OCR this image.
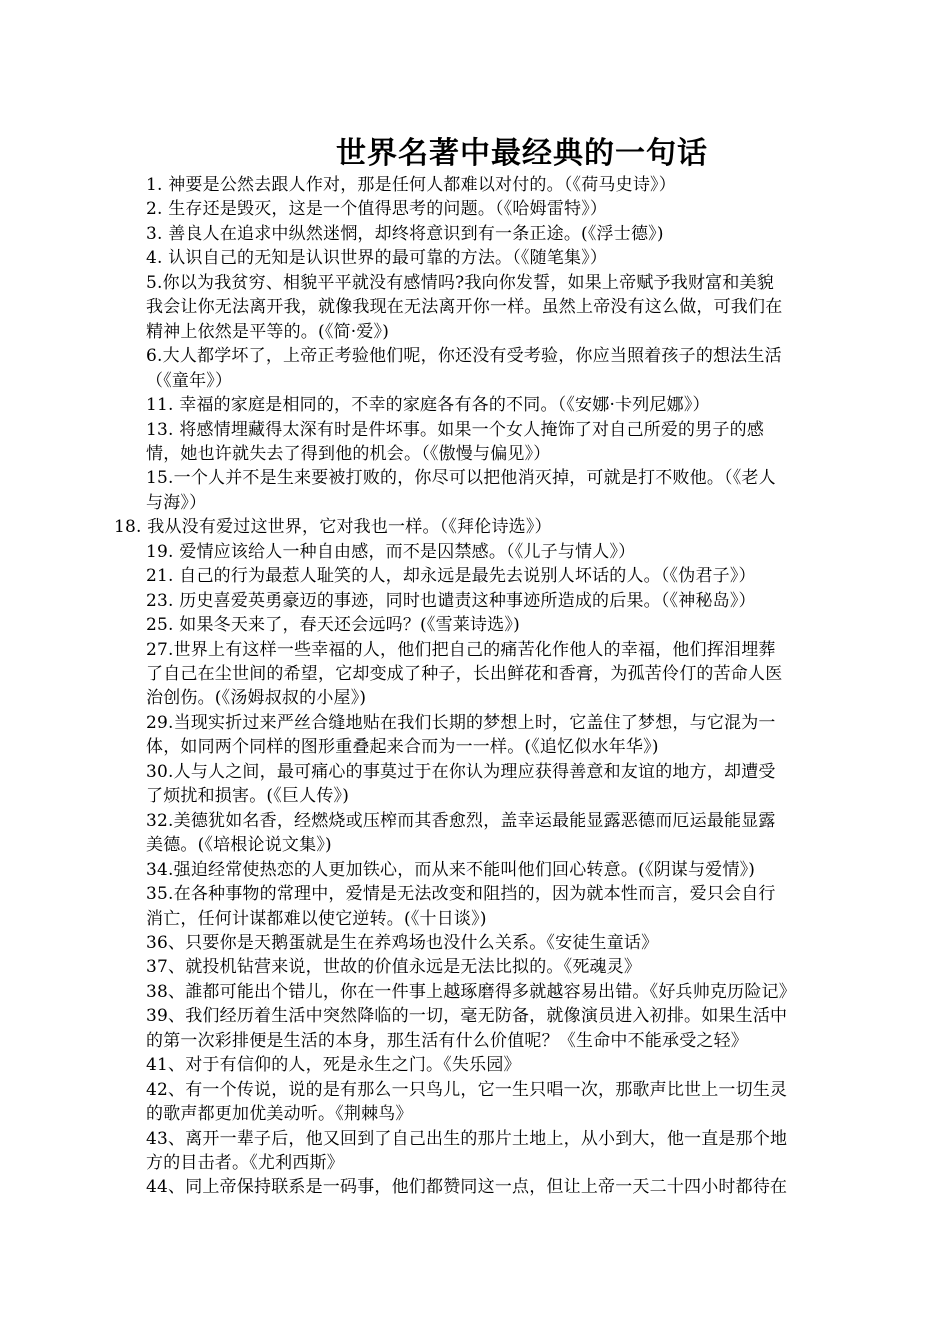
世界名著中最经典的一句话
1. 神要是公然去跟人作对，那是任何人都难以对付的。（《荷马史诗》）
2. 生存还是毁灭，这是一个值得思考的问题。（《哈姆雷特》）
3. 善良人在追求中纵然迷惘，却终将意识到有一条正途。(《浮士德》)
4. 认识自己的无知是认识世界的最可靠的方法。（《随笔集》）
5.你以为我贫穷、相貌平平就没有感情吗?我向你发誓，如果上帝赋予我财富和美貌
我会让你无法离开我，就像我现在无法离开你一样。虽然上帝没有这么做，可我们在
精神上依然是平等的。(《简·爱》)
6.大人都学坏了，上帝正考验他们呢，你还没有受考验，你应当照着孩子的想法生活
（《童年》）
11. 幸福的家庭是相同的，不幸的家庭各有各的不同。（《安娜·卡列尼娜》）
13. 将感情埋藏得太深有时是件坏事。如果一个女人掩饰了对自己所爱的男子的感
情，她也许就失去了得到他的机会。（《傲慢与偏见》）
15.一个人并不是生来要被打败的，你尽可以把他消灭掉，可就是打不败他。（《老人
与海》）
18. 我从没有爱过这世界，它对我也一样。（《拜伦诗选》）
19. 爱情应该给人一种自由感，而不是囚禁感。（《儿子与情人》）
21. 自己的行为最惹人耻笑的人，却永远是最先去说别人坏话的人。（《伪君子》）
23. 历史喜爱英勇豪迈的事迹，同时也谴责这种事迹所造成的后果。（《神秘岛》）
25. 如果冬天来了，春天还会远吗？(《雪莱诗选》)
27.世界上有这样一些幸福的人，他们把自己的痛苦化作他人的幸福，他们挥泪埋葬
了自己在尘世间的希望，它却变成了种子，长出鲜花和香膏，为孤苦伶仃的苦命人医
治创伤。(《汤姆叔叔的小屋》)
29.当现实折过来严丝合缝地贴在我们长期的梦想上时，它盖住了梦想，与它混为一
体，如同两个同样的图形重叠起来合而为一一样。(《追忆似水年华》)
30.人与人之间，最可痛心的事莫过于在你认为理应获得善意和友谊的地方，却遭受
了烦扰和损害。(《巨人传》)
32.美德犹如名香，经燃烧或压榨而其香愈烈，盖幸运最能显露恶德而厄运最能显露
美德。(《培根论说文集》)
34.强迫经常使热恋的人更加铁心，而从来不能叫他们回心转意。(《阴谋与爱情》)
35.在各种事物的常理中，爱情是无法改变和阻挡的，因为就本性而言，爱只会自行
消亡，任何计谋都难以使它逆转。(《十日谈》)
36、只要你是天鹅蛋就是生在养鸡场也没什么关系。《安徒生童话》
37、就投机钻营来说，世故的价值永远是无法比拟的。《死魂灵》
38、誰都可能出个错儿，你在一件事上越琢磨得多就越容易出错。《好兵帅克历险记》
39、我们经历着生活中突然降临的一切，毫无防备，就像演员进入初排。如果生活中
的第一次彩排便是生活的本身，那生活有什么价值呢？《生命中不能承受之轻》
41、对于有信仰的人，死是永生之门。《失乐园》
42、有一个传说，说的是有那么一只鸟儿，它一生只唱一次，那歌声比世上一切生灵
的歌声都更加优美动听。《荆棘鸟》
43、离开一辈子后，他又回到了自己出生的那片土地上，从小到大，他一直是那个地
方的目击者。《尤利西斯》
44、同上帝保持联系是一码事，他们都赞同这一点，但让上帝一天二十四小时都待在
